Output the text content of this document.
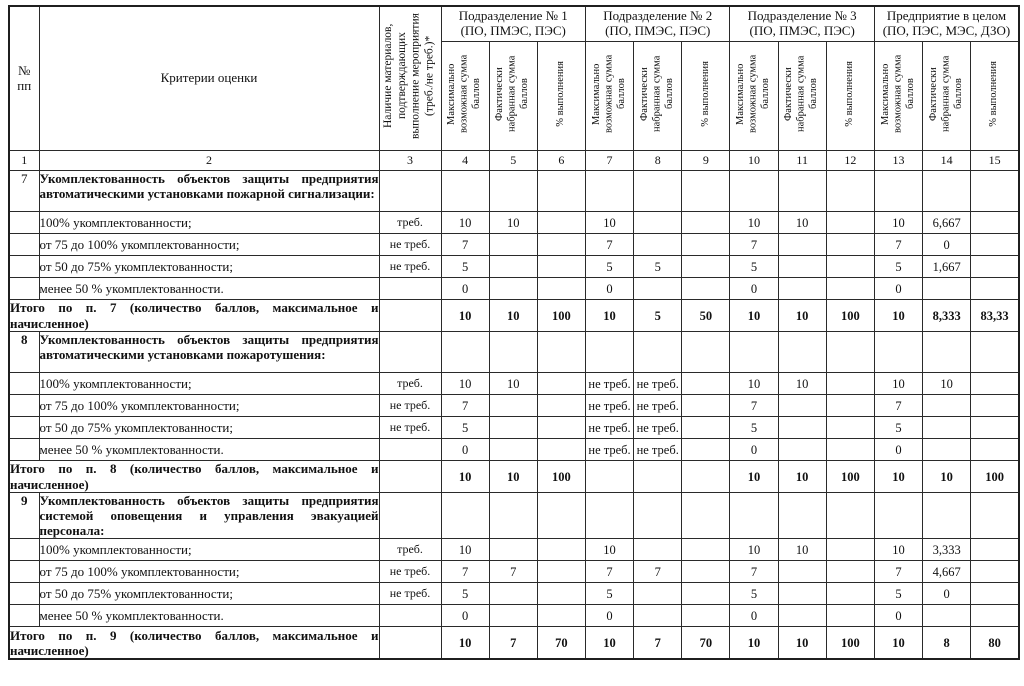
№ пп	Критерии оценки	Наличие материалов, подтверждающих выполнение мероприятия (треб./не треб.)*	
Подразделение № 1
(ПО, ПМЭС, ПЭС)

Подразделение № 2
(ПО, ПМЭС, ПЭС)

Подразделение № 3
(ПО, ПМЭС, ПЭС)

Предприятие в целом
(ПО, ПЭС, МЭС, ДЗО)

			Максимально возможная сумма баллов	Фактически набранная сумма баллов	% выполнения	Максимально возможная сумма баллов	Фактически набранная сумма баллов	% выполнения	Максимально возможная сумма баллов	Фактически набранная сумма баллов	% выполнения	Максимально возможная сумма баллов	Фактически набранная сумма баллов	% выполнения
1	2	3	4	5	6	7	8	9	10	11	12	13	14	15
7	Укомплектованность объектов защиты предприятия автоматическими установками пожарной сигнализации:													
	100% укомплектованности;	треб.	10	10		10			10	10		10	6,667	
	от 75 до 100% укомплектованности;	не треб.	7			7			7			7	0	
	от 50 до 75% укомплектованности;	не треб.	5			5	5		5			5	1,667	
	менее 50 % укомплектованности.		0			0			0			0		
Итого по п. 7 (количество баллов, максимальное и начисленное)			10	10	100	10	5	50	10	10	100	10	8,333	83,33
8	Укомплектованность объектов защиты предприятия автоматическими установками пожаротушения:													
	100% укомплектованности;	треб.	10	10		не треб.	не треб.		10	10		10	10	
	от 75 до 100% укомплектованности;	не треб.	7			не треб.	не треб.		7			7		
	от 50 до 75% укомплектованности;	не треб.	5			не треб.	не треб.		5			5		
	менее 50 % укомплектованности.		0			не треб.	не треб.		0			0		
Итого по п. 8 (количество баллов, максимальное и начисленное)			10	10	100				10	10	100	10	10	100
9	Укомплектованность объектов защиты предприятия системой оповещения и управления эвакуацией персонала:													
	100% укомплектованности;	треб.	10			10			10	10		10	3,333	
	от 75 до 100% укомплектованности;	не треб.	7	7		7	7		7			7	4,667	
	от 50 до 75% укомплектованности;	не треб.	5			5			5			5	0	
	менее 50 % укомплектованности.		0			0			0			0		
Итого по п. 9 (количество баллов, максимальное и начисленное)			10	7	70	10	7	70	10	10	100	10	8	80
